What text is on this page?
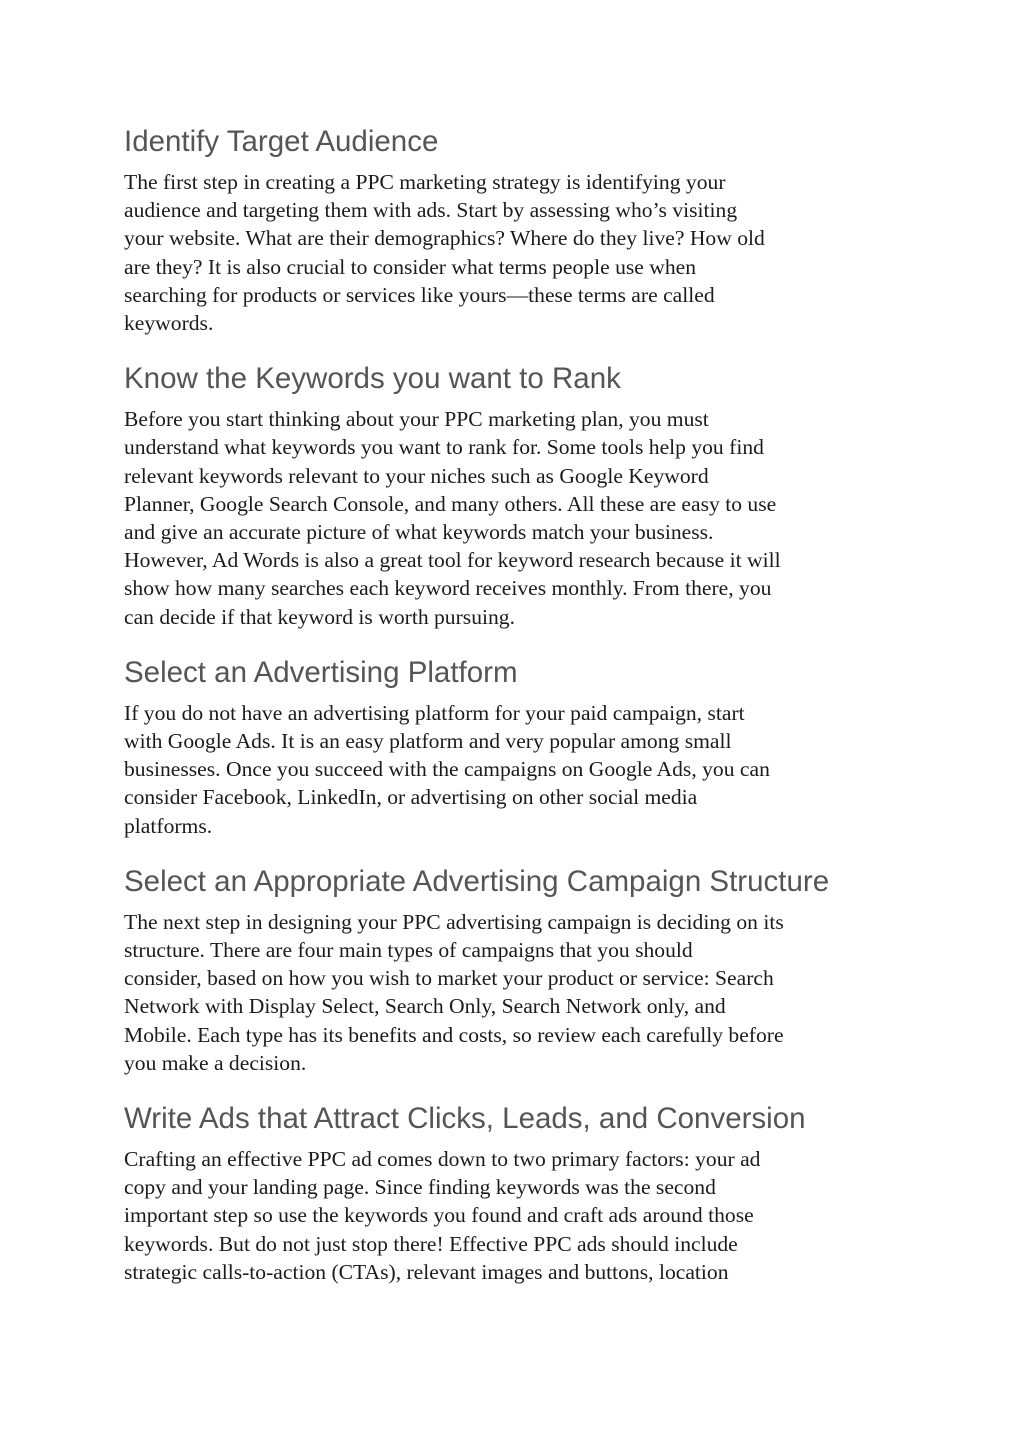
Identify Target Audience

The first step in creating a PPC marketing strategy is identifying your
audience and targeting them with ads. Start by assessing who’s visiting
your website. What are their demographics? Where do they live? How old
are they? It is also crucial to consider what terms people use when
searching for products or services like yours—these terms are called
keywords.

Know the Keywords you want to Rank

Before you start thinking about your PPC marketing plan, you must
understand what keywords you want to rank for. Some tools help you find
relevant keywords relevant to your niches such as Google Keyword
Planner, Google Search Console, and many others. All these are easy to use
and give an accurate picture of what keywords match your business.
However, Ad Words is also a great tool for keyword research because it will
show how many searches each keyword receives monthly. From there, you
can decide if that keyword is worth pursuing.

Select an Advertising Platform

If you do not have an advertising platform for your paid campaign, start
with Google Ads. It is an easy platform and very popular among small
businesses. Once you succeed with the campaigns on Google Ads, you can
consider Facebook, LinkedIn, or advertising on other social media
platforms.

Select an Appropriate Advertising Campaign Structure

The next step in designing your PPC advertising campaign is deciding on its
structure. There are four main types of campaigns that you should
consider, based on how you wish to market your product or service: Search
Network with Display Select, Search Only, Search Network only, and
Mobile. Each type has its benefits and costs, so review each carefully before
you make a decision.

Write Ads that Attract Clicks, Leads, and Conversion

Crafting an effective PPC ad comes down to two primary factors: your ad
copy and your landing page. Since finding keywords was the second
important step so use the keywords you found and craft ads around those
keywords. But do not just stop there! Effective PPC ads should include
strategic calls-to-action (CTAs), relevant images and buttons, location
